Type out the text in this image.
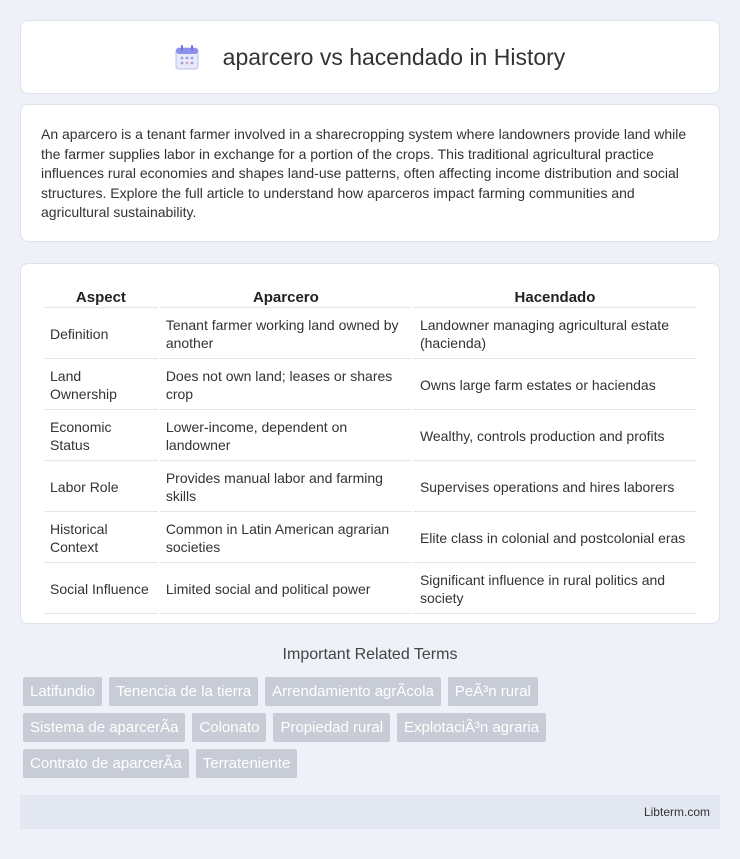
aparcero vs hacendado in History

An aparcero is a tenant farmer involved in a sharecropping system where landowners provide land while the farmer supplies labor in exchange for a portion of the crops. This traditional agricultural practice influences rural economies and shapes land-use patterns, often affecting income distribution and social structures. Explore the full article to understand how aparceros impact farming communities and agricultural sustainability.

Aspect	Aparcero	Hacendado
Definition	Tenant farmer working land owned by another	Landowner managing agricultural estate (hacienda)
Land Ownership	Does not own land; leases or shares crop	Owns large farm estates or haciendas
Economic Status	Lower-income, dependent on landowner	Wealthy, controls production and profits
Labor Role	Provides manual labor and farming skills	Supervises operations and hires laborers
Historical Context	Common in Latin American agrarian societies	Elite class in colonial and postcolonial eras
Social Influence	Limited social and political power	Significant influence in rural politics and society
Important Related Terms
Latifundio	Tenencia de la tierra	Arrendamiento agrÃcola	PeÃ³n rural
Sistema de aparcerÃa	Colonato	Propiedad rural	ExplotaciÃ³n agraria
Contrato de aparcerÃa	Terrateniente
Libterm.com
